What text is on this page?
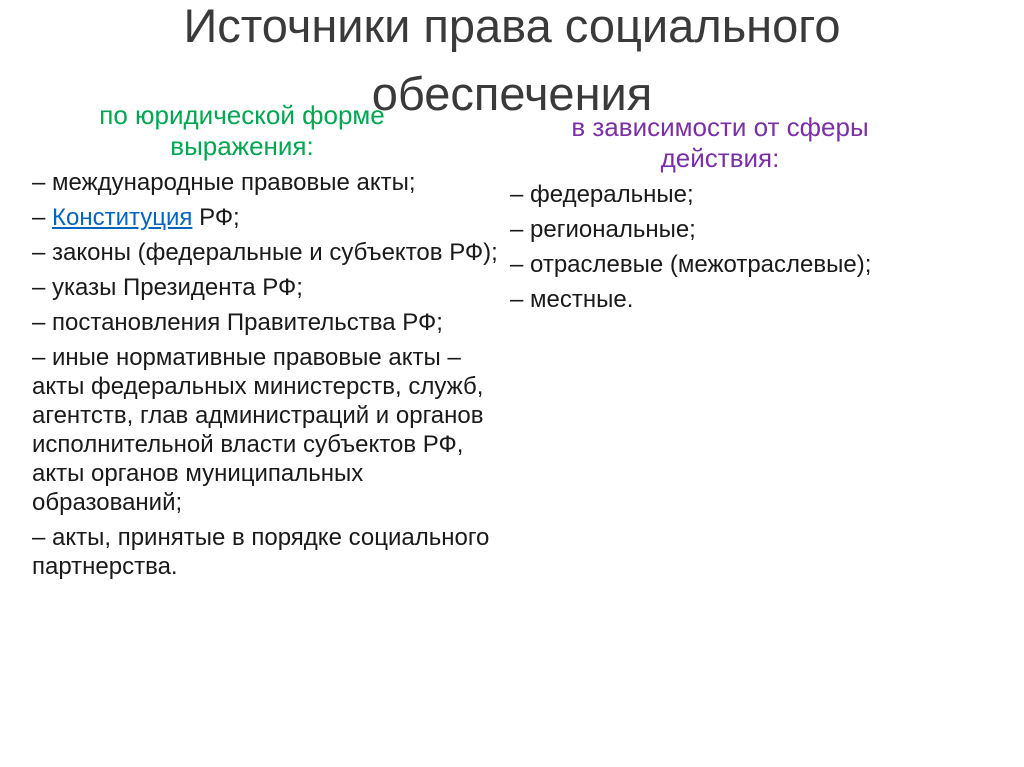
Источники права социального
обеспечения
по юридической форме
выражения:
– международные правовые акты;
– Конституция РФ;
– законы (федеральные и субъектов РФ);
– указы Президента РФ;
– постановления Правительства РФ;
– иные нормативные правовые акты – акты федеральных министерств, служб, агентств, глав администраций и органов исполнительной власти субъектов РФ, акты органов муниципальных образований;
– акты, принятые в порядке социального партнерства.
в зависимости от сферы
действия:
– федеральные;
– региональные;
– отраслевые (межотраслевые);
– местные.
